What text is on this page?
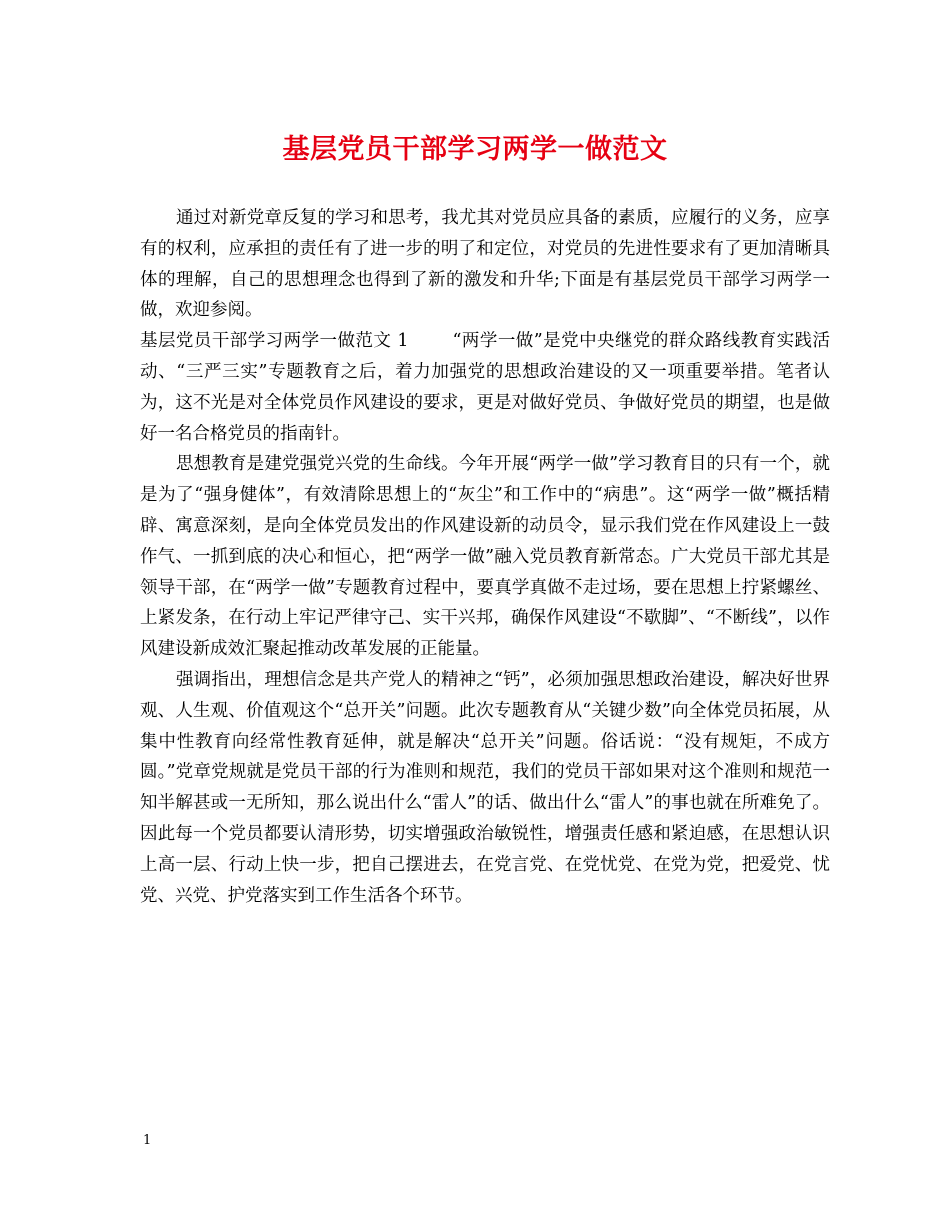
基层党员干部学习两学一做范文

通过对新党章反复的学习和思考，我尤其对党员应具备的素质，应履行的义务，应享有的权利，应承担的责任有了进一步的明了和定位，对党员的先进性要求有了更加清晰具体的理解，自己的思想理念也得到了新的激发和升华;下面是有基层党员干部学习两学一做，欢迎参阅。

基层党员干部学习两学一做范文 1	“两学一做”是党中央继党的群众路线教育实践活动、“三严三实”专题教育之后，着力加强党的思想政治建设的又一项重要举措。笔者认为，这不光是对全体党员作风建设的要求，更是对做好党员、争做好党员的期望，也是做好一名合格党员的指南针。

思想教育是建党强党兴党的生命线。今年开展“两学一做”学习教育目的只有一个，就是为了“强身健体”，有效清除思想上的“灰尘”和工作中的“病患”。这“两学一做”概括精辟、寓意深刻，是向全体党员发出的作风建设新的动员令，显示我们党在作风建设上一鼓作气、一抓到底的决心和恒心，把“两学一做”融入党员教育新常态。广大党员干部尤其是领导干部，在“两学一做”专题教育过程中，要真学真做不走过场，要在思想上拧紧螺丝、上紧发条，在行动上牢记严律守己、实干兴邦，确保作风建设“不歇脚”、“不断线”，以作风建设新成效汇聚起推动改革发展的正能量。

强调指出，理想信念是共产党人的精神之“钙”，必须加强思想政治建设，解决好世界观、人生观、价值观这个“总开关”问题。此次专题教育从“关键少数”向全体党员拓展，从集中性教育向经常性教育延伸，就是解决“总开关”问题。俗话说：“没有规矩，不成方圆。”党章党规就是党员干部的行为准则和规范，我们的党员干部如果对这个准则和规范一知半解甚或一无所知，那么说出什么“雷人”的话、做出什么“雷人”的事也就在所难免了。因此每一个党员都要认清形势，切实增强政治敏锐性，增强责任感和紧迫感，在思想认识上高一层、行动上快一步，把自己摆进去，在党言党、在党忧党、在党为党，把爱党、忧党、兴党、护党落实到工作生活各个环节。

1
